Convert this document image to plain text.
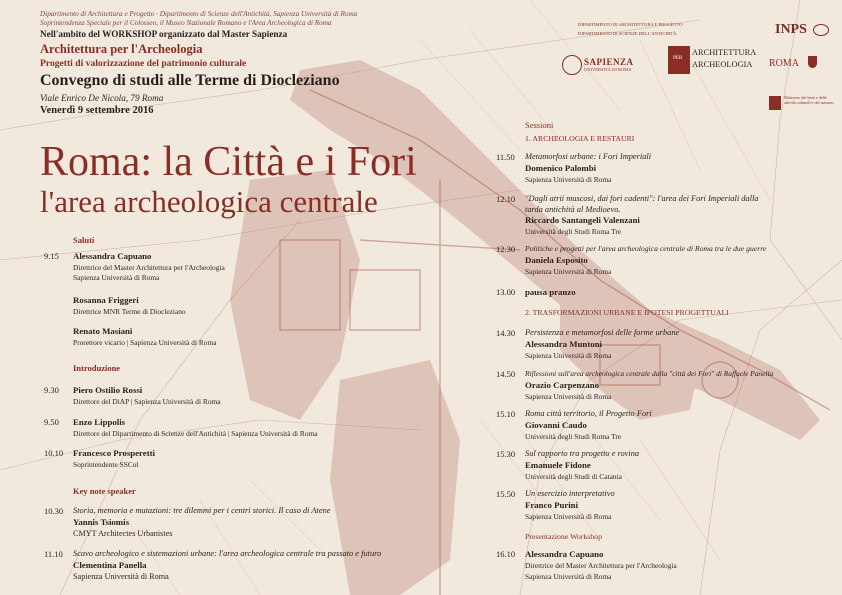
Dipartimento di Architettura e Progetto · Dipartimento di Scienze dell'Antichità, Sapienza Università di Roma
Soprintendenza Speciale per il Colosseo, il Museo Nazionale Romano e l'Area Archeologica di Roma
Nell'ambito del WORKSHOP organizzato dal Master Sapienza
Architettura per l'Archeologia
Progetti di valorizzazione del patrimonio culturale
Convegno di studi alle Terme di Diocleziano
Viale Enrico De Nicola, 79 Roma
Venerdì 9 settembre 2016
Roma: la Città e i Fori
l'area archeologica centrale
DIPARTIMENTO DI ARCHITETTURA E PROGETTO
DIPARTIMENTO DI SCIENZE DELL'ANTICHITÀ
SAPIENZA
UNIVERSITÀ DI ROMA
PER
ARCHITETTURA
ARCHEOLOGIA
INPS
ROMA
Ministero dei beni e delle attività culturali e del turismo
Saluti
9.15 Alessandra Capuano
Direttrice del Master Architettura per l'Archeologia
Sapienza Università di Roma
Rosanna Friggeri
Direttrice MNR Terme di Diocleziano
Renato Masiani
Prorettore vicario | Sapienza Università di Roma
Introduzione
9.30 Piero Ostilio Rossi
Direttore del DiAP | Sapienza Università di Roma
9.50 Enzo Lippolis
Direttore del Dipartimento di Scienze dell'Antichità | Sapienza Università di Roma
10.10 Francesco Prosperetti
Soprintendente SSCol
Key note speaker
10.30 Storia, memoria e mutazioni: tre dilemmi per i centri storici. Il caso di Atene
Yannis Tsiomis
CMYT Architectes Urbanistes
11.10 Scavo archeologico e sistemazioni urbane: l'area archeologica centrale tra passato e futuro
Clementina Panella
Sapienza Università di Roma
Sessioni
1. ARCHEOLOGIA E RESTAURI
11.50 Metamorfosi urbane: i Fori Imperiali
Domenico Palombi
Sapienza Università di Roma
12.10 "Dagli atrii muscosi, dai fori cadenti": l'area dei Fori Imperiali dalla
tarda antichità al Medioevo.
Riccardo Santangeli Valenzani
Università degli Studi Roma Tre
12.30 Politiche e progetti per l'area archeologica centrale di Roma tra le due guerre
Daniela Esposito
Sapienza Università di Roma
13.00 pausa pranzo
2. TRASFORMAZIONI URBANE E IPOTESI PROGETTUALI
14.30 Persistenza e metamorfosi delle forme urbane
Alessandra Muntoni
Sapienza Università di Roma
14.50 Riflessioni sull'area archeologica centrale dalla "città dei Fori" di Raffaele Panella
Orazio Carpenzano
Sapienza Università di Roma
15.10 Roma città territorio, il Progetto Fori
Giovanni Caudo
Università degli Studi Roma Tre
15.30 Sul rapporto tra progetto e rovina
Emanuele Fidone
Università degli Studi di Catania
15.50 Un esercizio interpretativo
Franco Purini
Sapienza Università di Roma
Presentazione Workshop
16.10 Alessandra Capuano
Direttrice del Master Architettura per l'Archeologia
Sapienza Università di Roma
